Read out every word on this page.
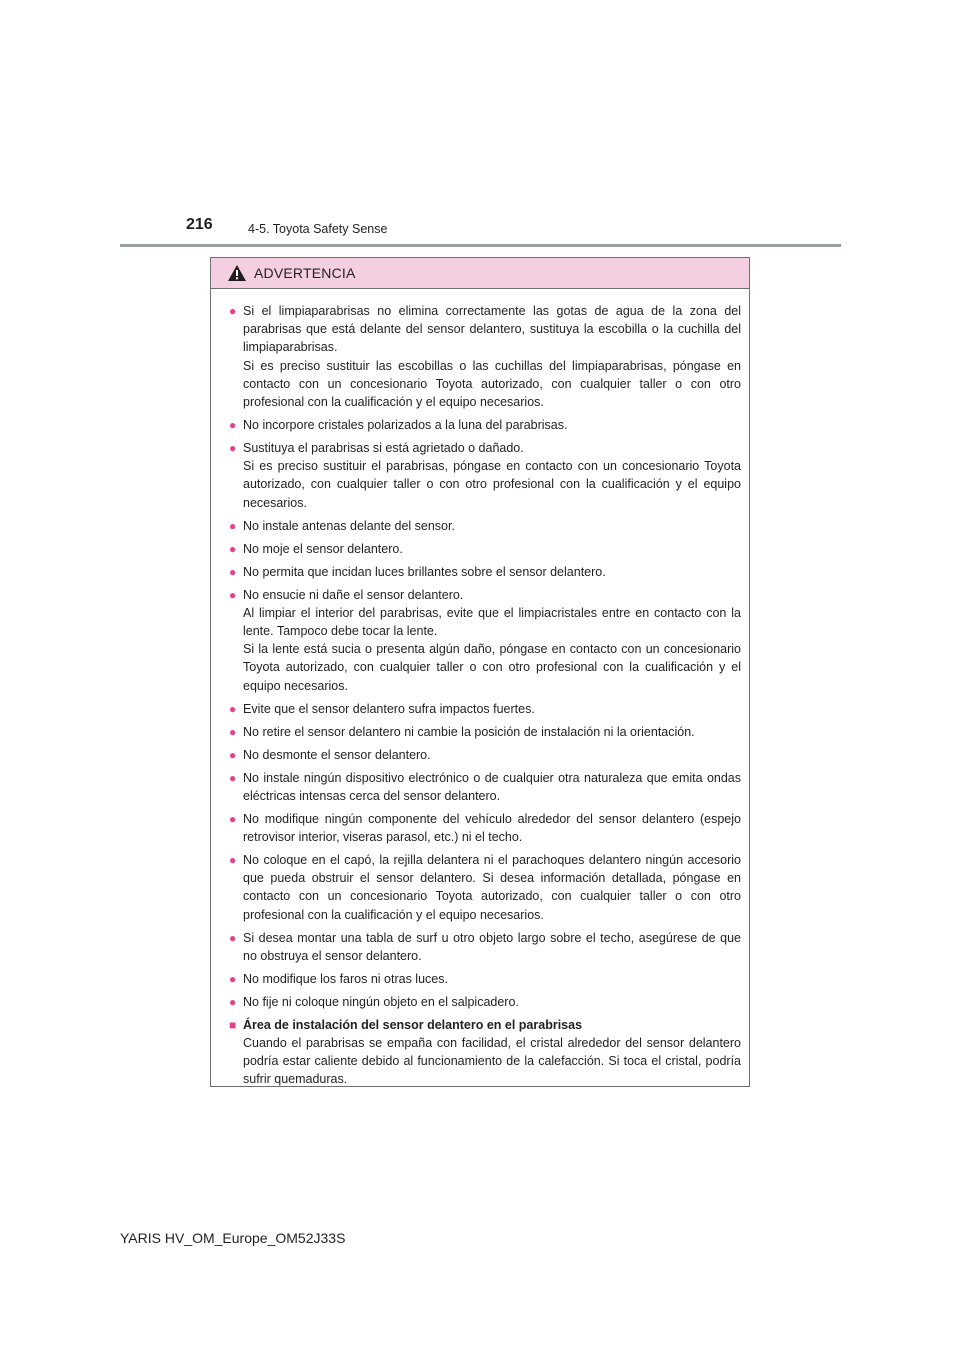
216	4-5. Toyota Safety Sense
ADVERTENCIA
● Si el limpiaparabrisas no elimina correctamente las gotas de agua de la zona del parabrisas que está delante del sensor delantero, sustituya la escobilla o la cuchilla del limpiaparabrisas.

Si es preciso sustituir las escobillas o las cuchillas del limpiaparabrisas, póngase en contacto con un concesionario Toyota autorizado, con cualquier taller o con otro profesional con la cualificación y el equipo necesarios.

● No incorpore cristales polarizados a la luna del parabrisas.

● Sustituya el parabrisas si está agrietado o dañado.

Si es preciso sustituir el parabrisas, póngase en contacto con un concesionario Toyota autorizado, con cualquier taller o con otro profesional con la cualificación y el equipo necesarios.

● No instale antenas delante del sensor.

● No moje el sensor delantero.

● No permita que incidan luces brillantes sobre el sensor delantero.

● No ensucie ni dañe el sensor delantero.

Al limpiar el interior del parabrisas, evite que el limpiacristales entre en contacto con la lente. Tampoco debe tocar la lente.

Si la lente está sucia o presenta algún daño, póngase en contacto con un concesionario Toyota autorizado, con cualquier taller o con otro profesional con la cualificación y el equipo necesarios.

● Evite que el sensor delantero sufra impactos fuertes.

● No retire el sensor delantero ni cambie la posición de instalación ni la orientación.

● No desmonte el sensor delantero.

● No instale ningún dispositivo electrónico o de cualquier otra naturaleza que emita ondas eléctricas intensas cerca del sensor delantero.

● No modifique ningún componente del vehículo alrededor del sensor delantero (espejo retrovisor interior, viseras parasol, etc.) ni el techo.

● No coloque en el capó, la rejilla delantera ni el parachoques delantero ningún accesorio que pueda obstruir el sensor delantero. Si desea información detallada, póngase en contacto con un concesionario Toyota autorizado, con cualquier taller o con otro profesional con la cualificación y el equipo necesarios.

● Si desea montar una tabla de surf u otro objeto largo sobre el techo, asegúrese de que no obstruya el sensor delantero.

● No modifique los faros ni otras luces.

● No fije ni coloque ningún objeto en el salpicadero.

■ Área de instalación del sensor delantero en el parabrisas
Cuando el parabrisas se empaña con facilidad, el cristal alrededor del sensor delantero podría estar caliente debido al funcionamiento de la calefacción. Si toca el cristal, podría sufrir quemaduras.
YARIS HV_OM_Europe_OM52J33S
